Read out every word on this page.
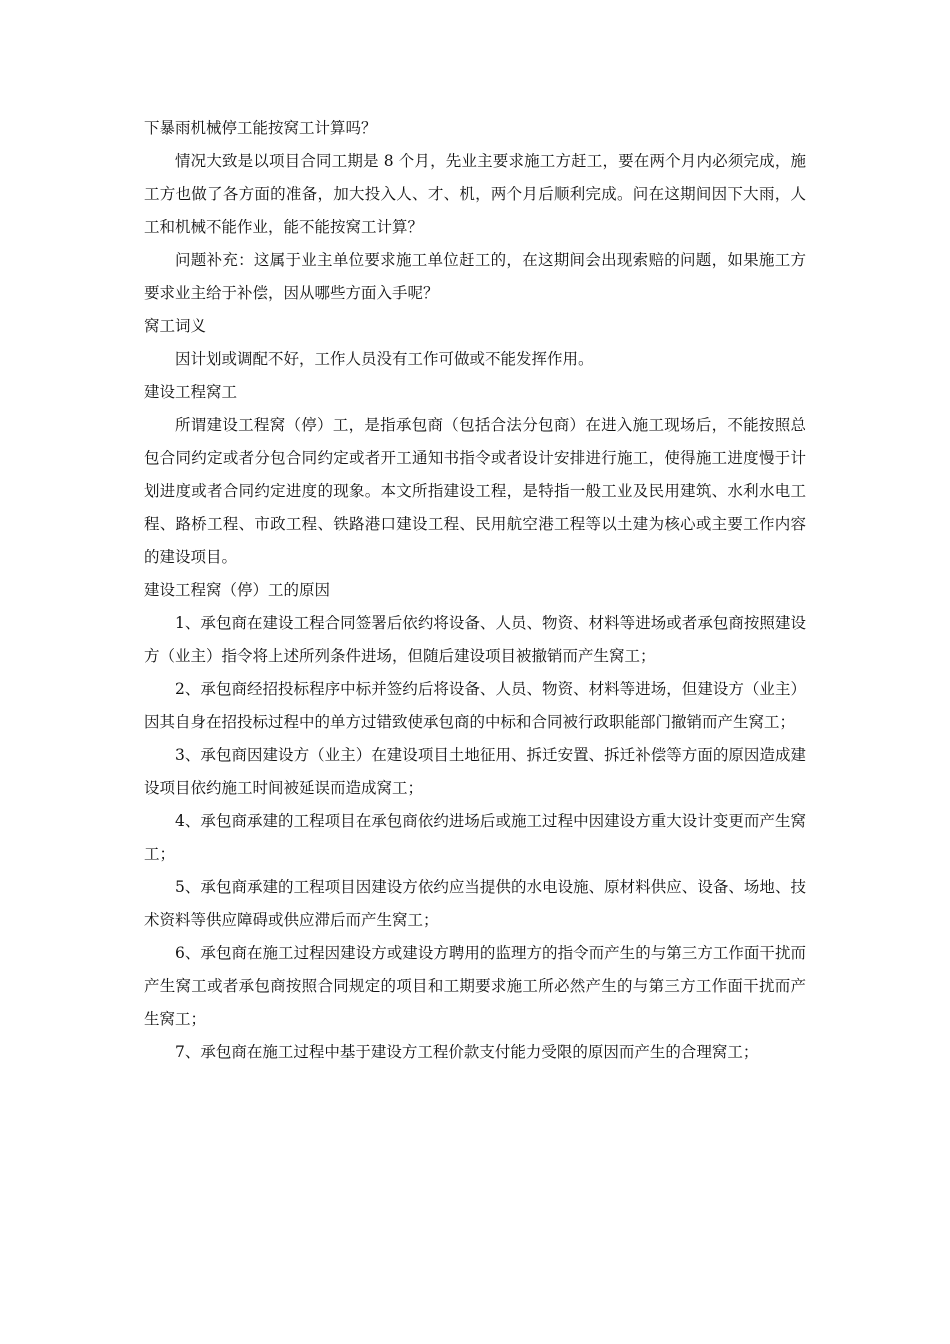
下暴雨机械停工能按窝工计算吗？

情况大致是以项目合同工期是 8 个月，先业主要求施工方赶工，要在两个月内必须完成，施工方也做了各方面的准备，加大投入人、才、机，两个月后顺利完成。问在这期间因下大雨，人工和机械不能作业，能不能按窝工计算？

问题补充：这属于业主单位要求施工单位赶工的，在这期间会出现索赔的问题，如果施工方要求业主给于补偿，因从哪些方面入手呢？

窝工词义

因计划或调配不好，工作人员没有工作可做或不能发挥作用。

建设工程窝工

所谓建设工程窝（停）工，是指承包商（包括合法分包商）在进入施工现场后，不能按照总包合同约定或者分包合同约定或者开工通知书指令或者设计安排进行施工，使得施工进度慢于计划进度或者合同约定进度的现象。本文所指建设工程，是特指一般工业及民用建筑、水利水电工程、路桥工程、市政工程、铁路港口建设工程、民用航空港工程等以土建为核心或主要工作内容的建设项目。

建设工程窝（停）工的原因

1、承包商在建设工程合同签署后依约将设备、人员、物资、材料等进场或者承包商按照建设方（业主）指令将上述所列条件进场，但随后建设项目被撤销而产生窝工；

2、承包商经招投标程序中标并签约后将设备、人员、物资、材料等进场，但建设方（业主）因其自身在招投标过程中的单方过错致使承包商的中标和合同被行政职能部门撤销而产生窝工；

3、承包商因建设方（业主）在建设项目土地征用、拆迁安置、拆迁补偿等方面的原因造成建设项目依约施工时间被延误而造成窝工；

4、承包商承建的工程项目在承包商依约进场后或施工过程中因建设方重大设计变更而产生窝工；

5、承包商承建的工程项目因建设方依约应当提供的水电设施、原材料供应、设备、场地、技术资料等供应障碍或供应滞后而产生窝工；

6、承包商在施工过程因建设方或建设方聘用的监理方的指令而产生的与第三方工作面干扰而产生窝工或者承包商按照合同规定的项目和工期要求施工所必然产生的与第三方工作面干扰而产生窝工；

7、承包商在施工过程中基于建设方工程价款支付能力受限的原因而产生的合理窝工；
